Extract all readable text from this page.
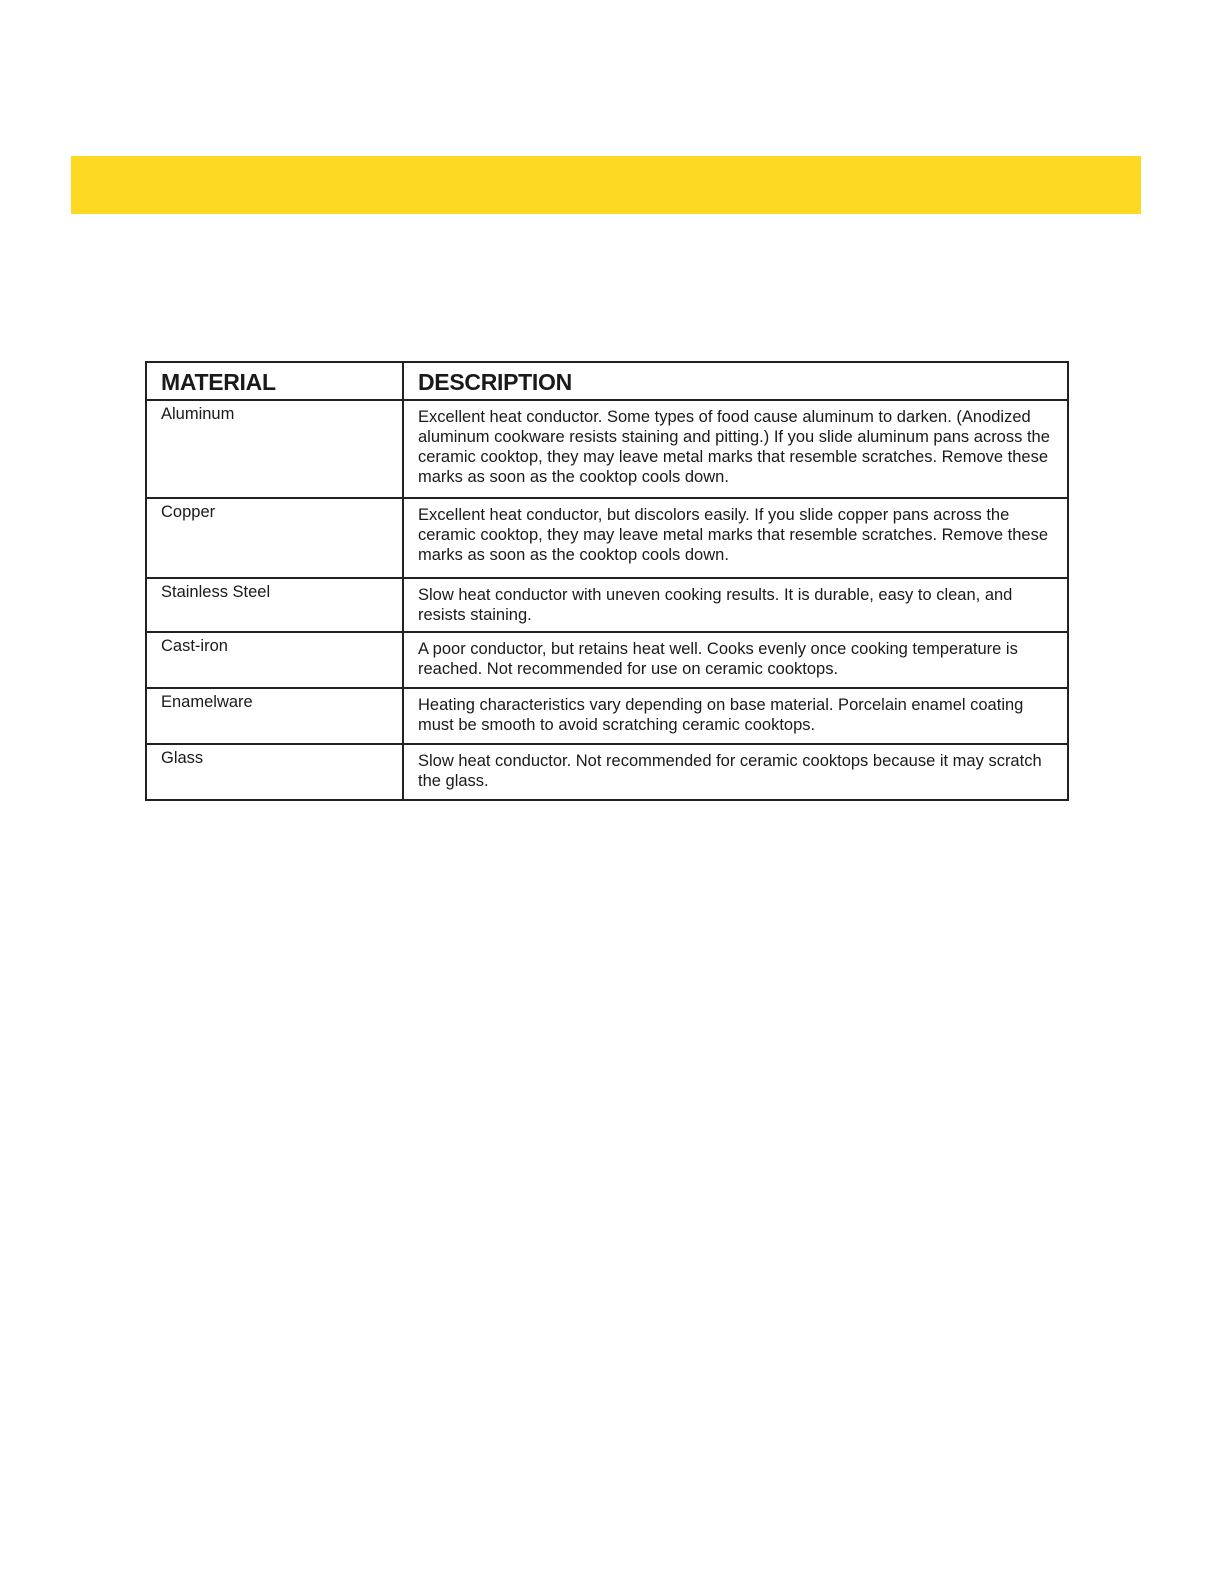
MATERIAL	DESCRIPTION
Aluminum	Excellent heat conductor. Some types of food cause aluminum to darken. (Anodized aluminum cookware resists staining and pitting.) If you slide aluminum pans across the ceramic cooktop, they may leave metal marks that resemble scratches. Remove these marks as soon as the cooktop cools down.
Copper	Excellent heat conductor, but discolors easily. If you slide copper pans across the ceramic cooktop, they may leave metal marks that resemble scratches. Remove these marks as soon as the cooktop cools down.
Stainless Steel	Slow heat conductor with uneven cooking results. It is durable, easy to clean, and resists staining.
Cast-iron	A poor conductor, but retains heat well. Cooks evenly once cooking temperature is reached. Not recommended for use on ceramic cooktops.
Enamelware	Heating characteristics vary depending on base material. Porcelain enamel coating must be smooth to avoid scratching ceramic cooktops.
Glass	Slow heat conductor. Not recommended for ceramic cooktops because it may scratch the glass.
